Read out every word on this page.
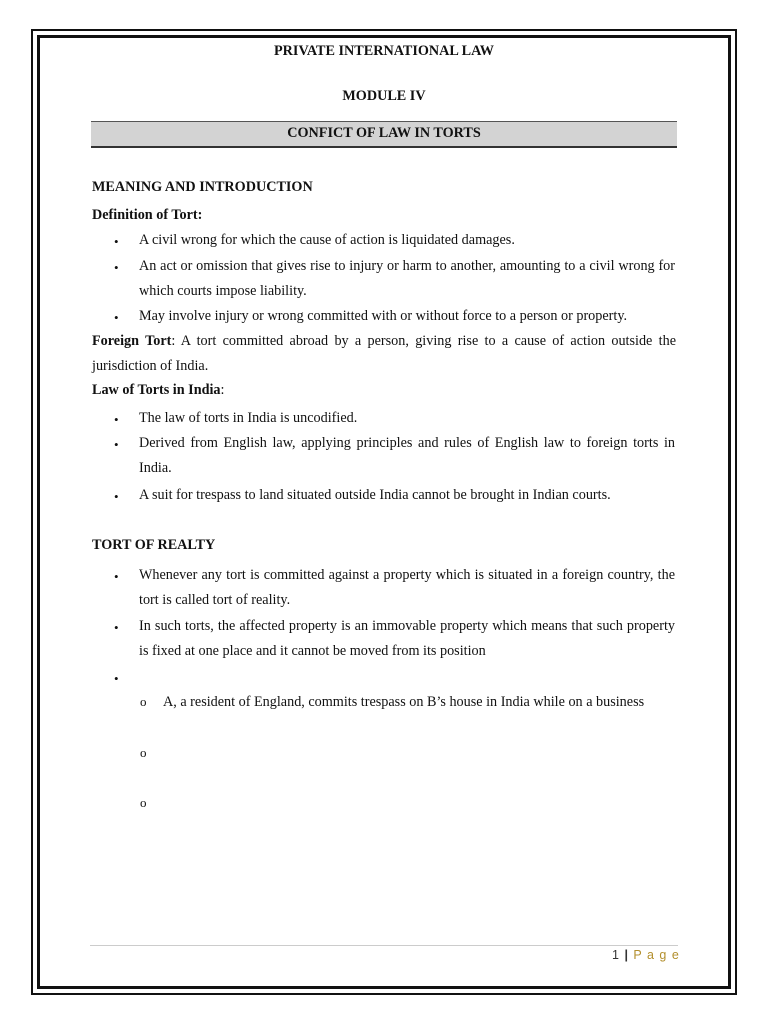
PRIVATE INTERNATIONAL LAW
MODULE IV
CONFICT OF LAW IN TORTS
MEANING AND INTRODUCTION
Definition of Tort:
• A civil wrong for which the cause of action is liquidated damages.
• An act or omission that gives rise to injury or harm to another, amounting to a civil wrong for which courts impose liability.
• May involve injury or wrong committed with or without force to a person or property.
Foreign Tort: A tort committed abroad by a person, giving rise to a cause of action outside the jurisdiction of India.
Law of Torts in India:
• The law of torts in India is uncodified.
• Derived from English law, applying principles and rules of English law to foreign torts in India.
• A suit for trespass to land situated outside India cannot be brought in Indian courts.
TORT OF REALTY
• Whenever any tort is committed against a property which is situated in a foreign country, the tort is called tort of reality.
• In such torts, the affected property is an immovable property which means that such property is fixed at one place and it cannot be moved from its position
•
o A, a resident of England, commits trespass on B’s house in India while on a business
o
o
1 | P a g e
